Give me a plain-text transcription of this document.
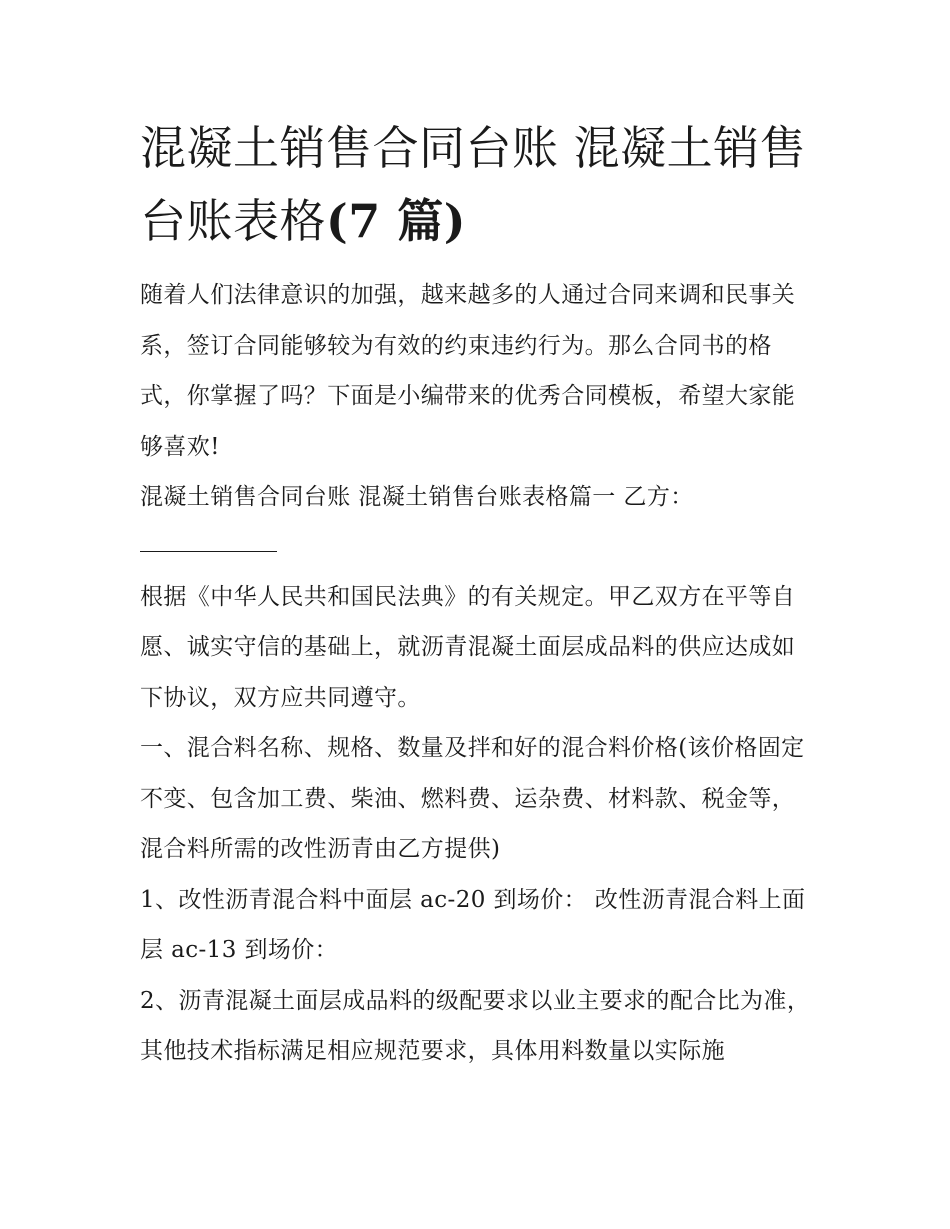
混凝土销售合同台账 混凝土销售台账表格(7 篇)

随着人们法律意识的加强，越来越多的人通过合同来调和民事关系，签订合同能够较为有效的约束违约行为。那么合同书的格式，你掌握了吗？下面是小编带来的优秀合同模板，希望大家能够喜欢!

混凝土销售合同台账 混凝土销售台账表格篇一 乙方：

根据《中华人民共和国民法典》的有关规定。甲乙双方在平等自愿、诚实守信的基础上，就沥青混凝土面层成品料的供应达成如下协议，双方应共同遵守。

一、混合料名称、规格、数量及拌和好的混合料价格(该价格固定不变、包含加工费、柴油、燃料费、运杂费、材料款、税金等，混合料所需的改性沥青由乙方提供)

1、改性沥青混合料中面层 ac-20 到场价： 改性沥青混合料上面层 ac-13 到场价：

2、沥青混凝土面层成品料的级配要求以业主要求的配合比为准，其他技术指标满足相应规范要求，具体用料数量以实际施
